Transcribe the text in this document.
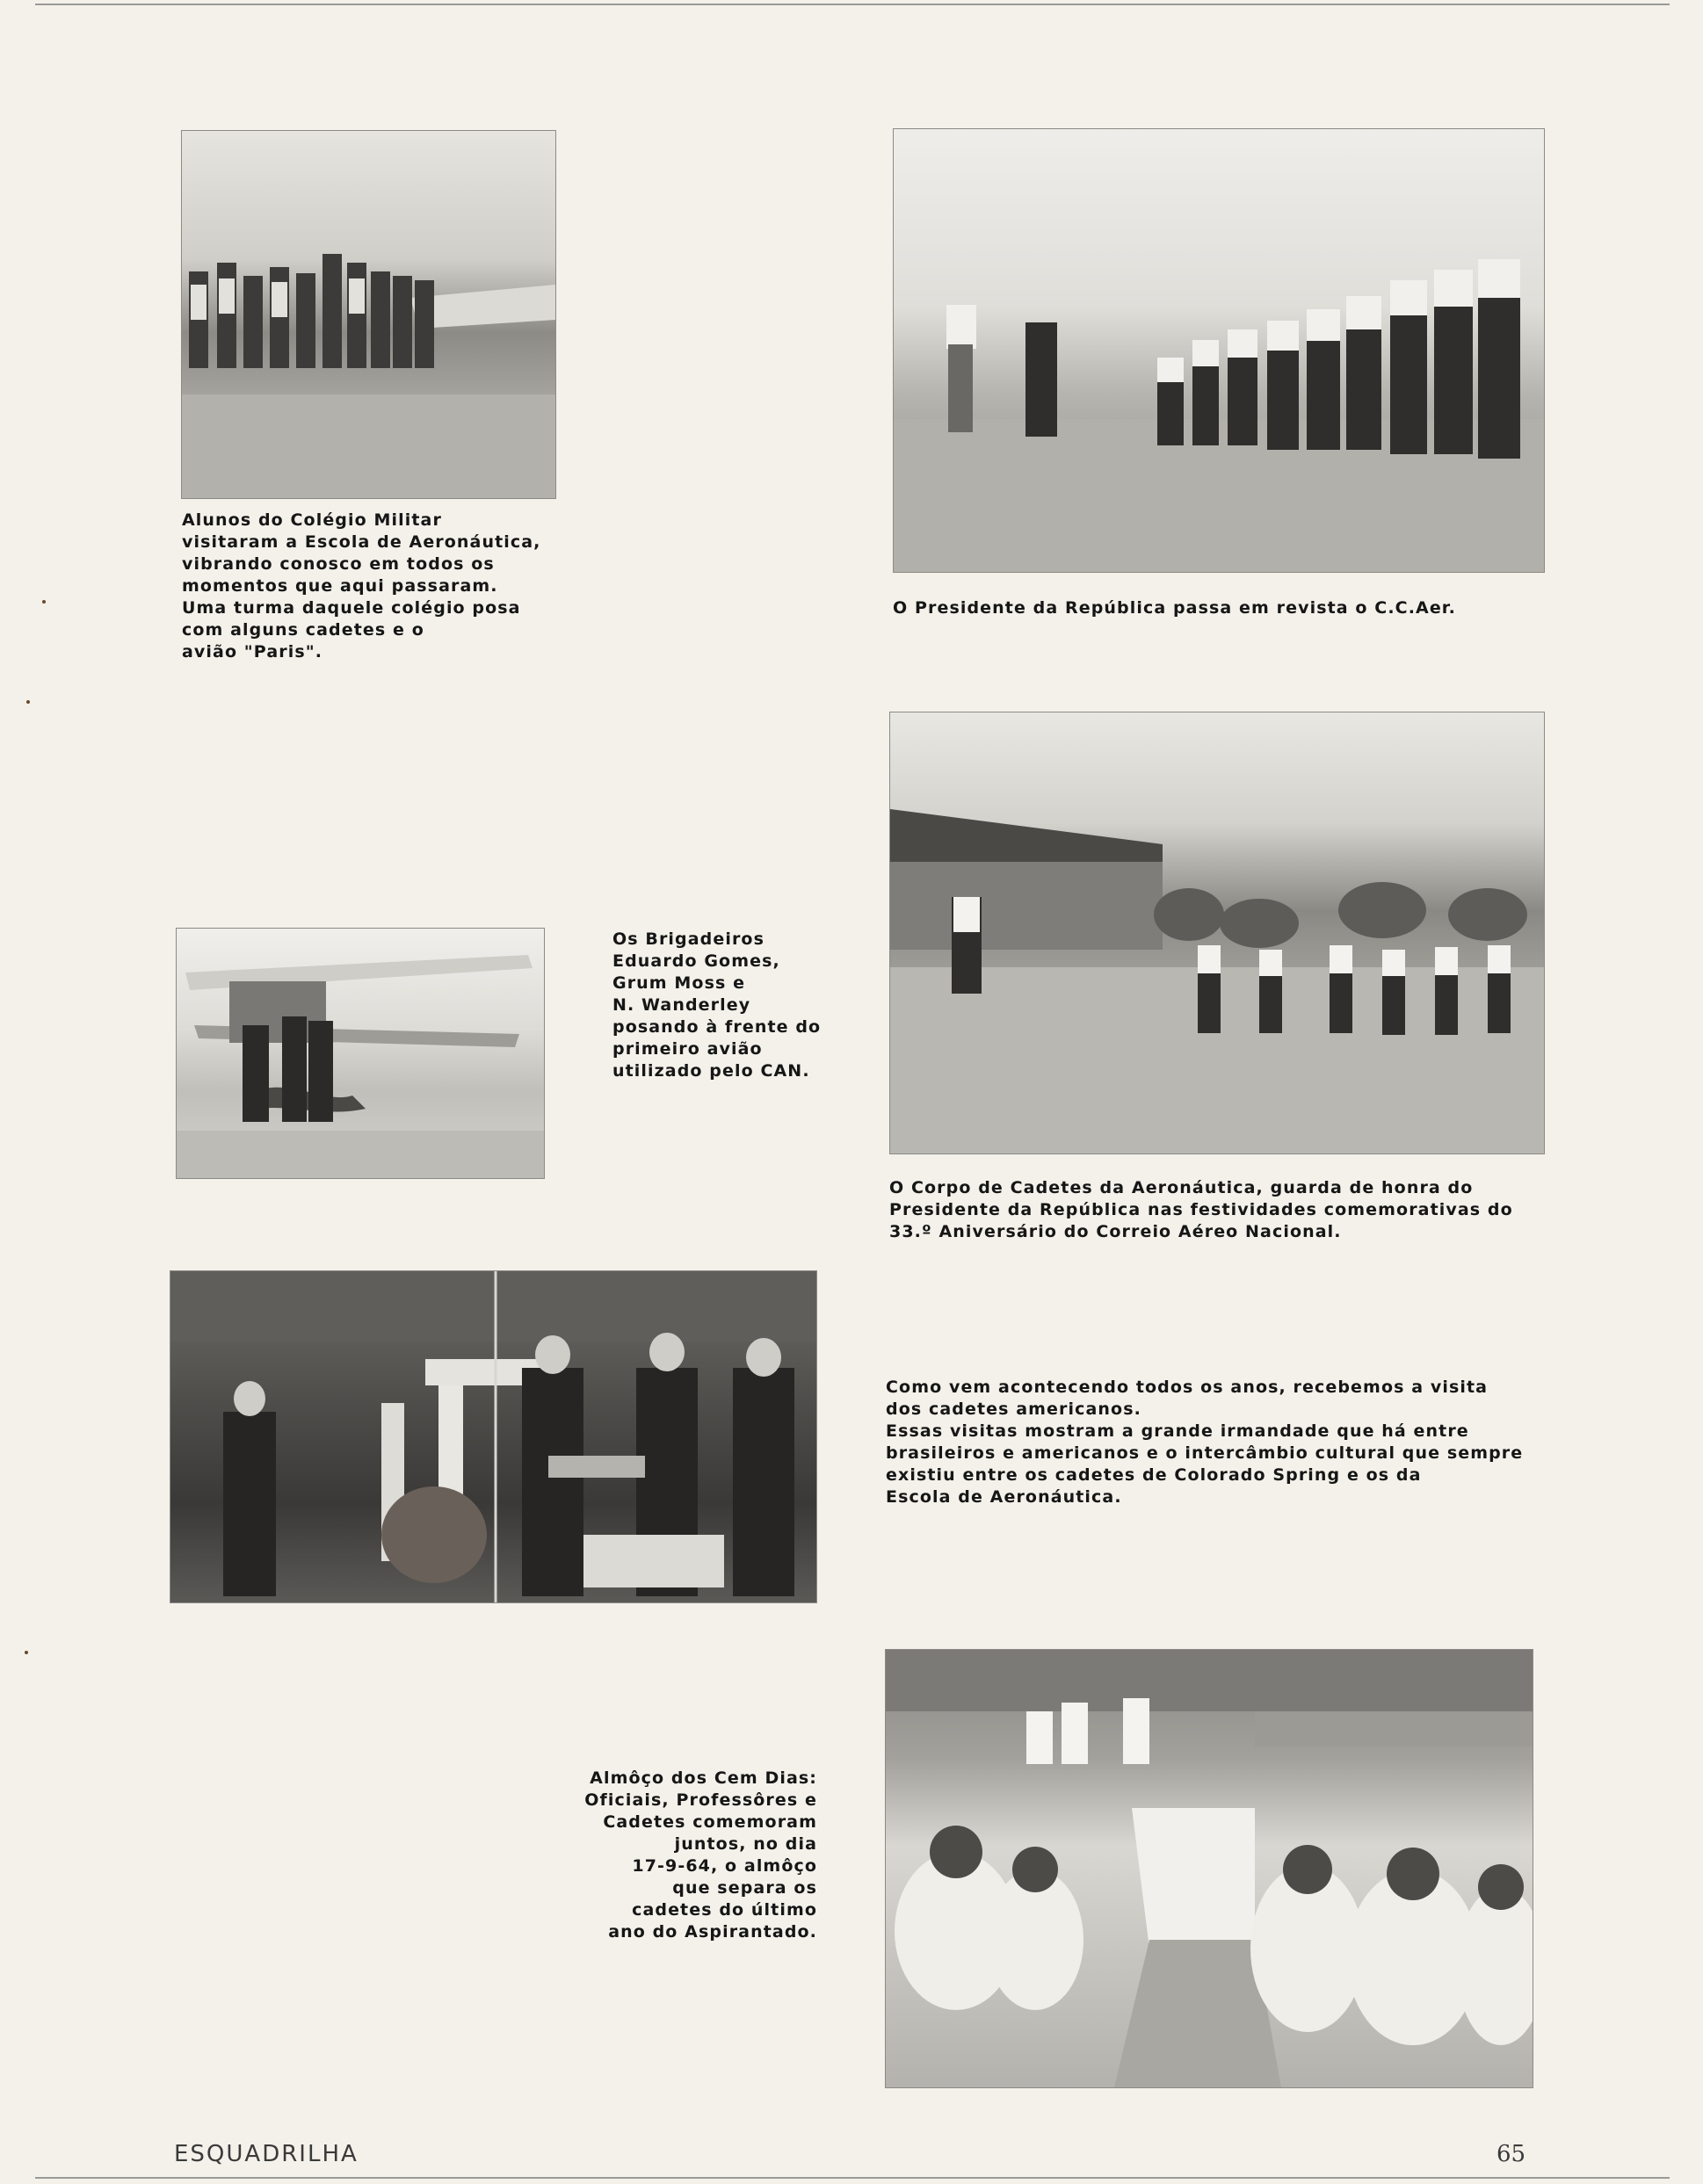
Alunos do Colégio Militar
visitaram a Escola de Aeronáutica,
vibrando conosco em todos os
momentos que aqui passaram.
Uma turma daquele colégio posa
com alguns cadetes e o
avião "Paris".
O Presidente da República passa em revista o C.C.Aer.
Os Brigadeiros
Eduardo Gomes,
Grum Moss e
N. Wanderley
posando à frente do
primeiro avião
utilizado pelo CAN.
O Corpo de Cadetes da Aeronáutica, guarda de honra do
Presidente da República nas festividades comemorativas do
33.º Aniversário do Correio Aéreo Nacional.
Como vem acontecendo todos os anos, recebemos a visita
dos cadetes americanos.
Essas visitas mostram a grande irmandade que há entre
brasileiros e americanos e o intercâmbio cultural que sempre
existiu entre os cadetes de Colorado Spring e os da
Escola de Aeronáutica.
Almôço dos Cem Dias:
Oficiais, Professôres e
Cadetes comemoram
juntos, no dia
17-9-64, o almôço
que separa os
cadetes do último
ano do Aspirantado.
ESQUADRILHA	65
